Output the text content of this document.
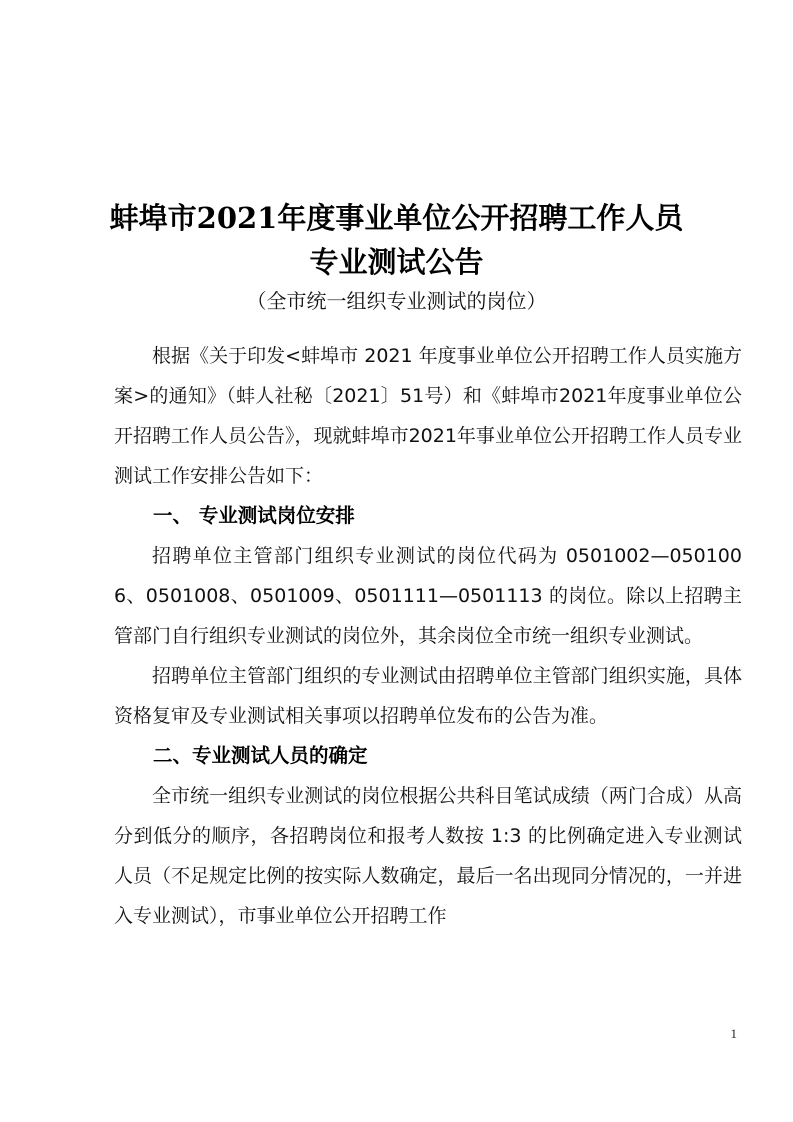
蚌埠市2021年度事业单位公开招聘工作人员
专业测试公告
（全市统一组织专业测试的岗位）

根据《关于印发<蚌埠市 2021 年度事业单位公开招聘工作人员实施方案>的通知》（蚌人社秘〔2021〕51号）和《蚌埠市2021年度事业单位公开招聘工作人员公告》，现就蚌埠市2021年事业单位公开招聘工作人员专业测试工作安排公告如下：

一、 专业测试岗位安排

招聘单位主管部门组织专业测试的岗位代码为 0501002—0501006、0501008、0501009、0501111—0501113 的岗位。除以上招聘主管部门自行组织专业测试的岗位外，其余岗位全市统一组织专业测试。

招聘单位主管部门组织的专业测试由招聘单位主管部门组织实施，具体资格复审及专业测试相关事项以招聘单位发布的公告为准。

二、专业测试人员的确定

全市统一组织专业测试的岗位根据公共科目笔试成绩（两门合成）从高分到低分的顺序，各招聘岗位和报考人数按 1:3 的比例确定进入专业测试人员（不足规定比例的按实际人数确定，最后一名出现同分情况的，一并进入专业测试），市事业单位公开招聘工作

1
